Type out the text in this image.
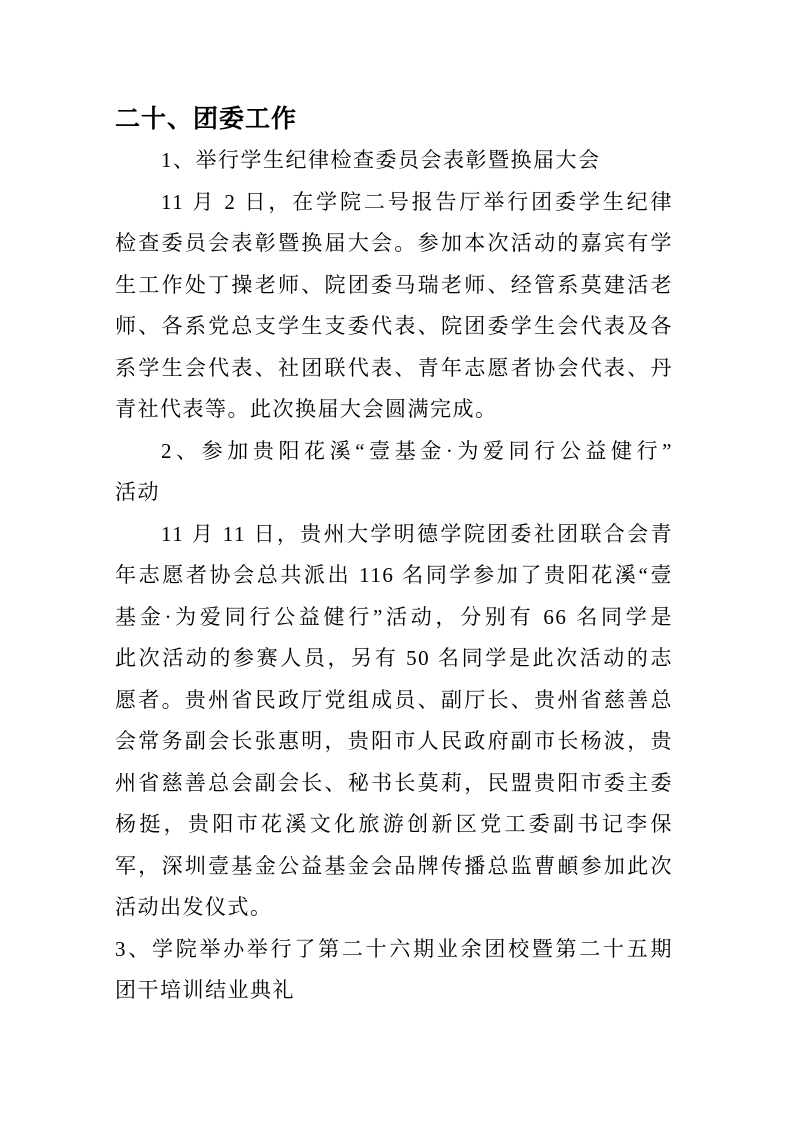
二十、团委工作
1、举行学生纪律检查委员会表彰暨换届大会
11 月 2 日，在学院二号报告厅举行团委学生纪律
检查委员会表彰暨换届大会。参加本次活动的嘉宾有学
生工作处丁操老师、院团委马瑞老师、经管系莫建活老
师、各系党总支学生支委代表、院团委学生会代表及各
系学生会代表、社团联代表、青年志愿者协会代表、丹
青社代表等。此次换届大会圆满完成。
2、参加贵阳花溪“壹基金·为爱同行公益健行”
活动
11 月 11 日，贵州大学明德学院团委社团联合会青
年志愿者协会总共派出 116 名同学参加了贵阳花溪“壹
基金·为爱同行公益健行”活动，分别有 66 名同学是
此次活动的参赛人员，另有 50 名同学是此次活动的志
愿者。贵州省民政厅党组成员、副厅长、贵州省慈善总
会常务副会长张惠明，贵阳市人民政府副市长杨波，贵
州省慈善总会副会长、秘书长莫莉，民盟贵阳市委主委
杨挺，贵阳市花溪文化旅游创新区党工委副书记李保
军，深圳壹基金公益基金会品牌传播总监曹頔参加此次
活动出发仪式。
3、学院举办举行了第二十六期业余团校暨第二十五期
团干培训结业典礼
